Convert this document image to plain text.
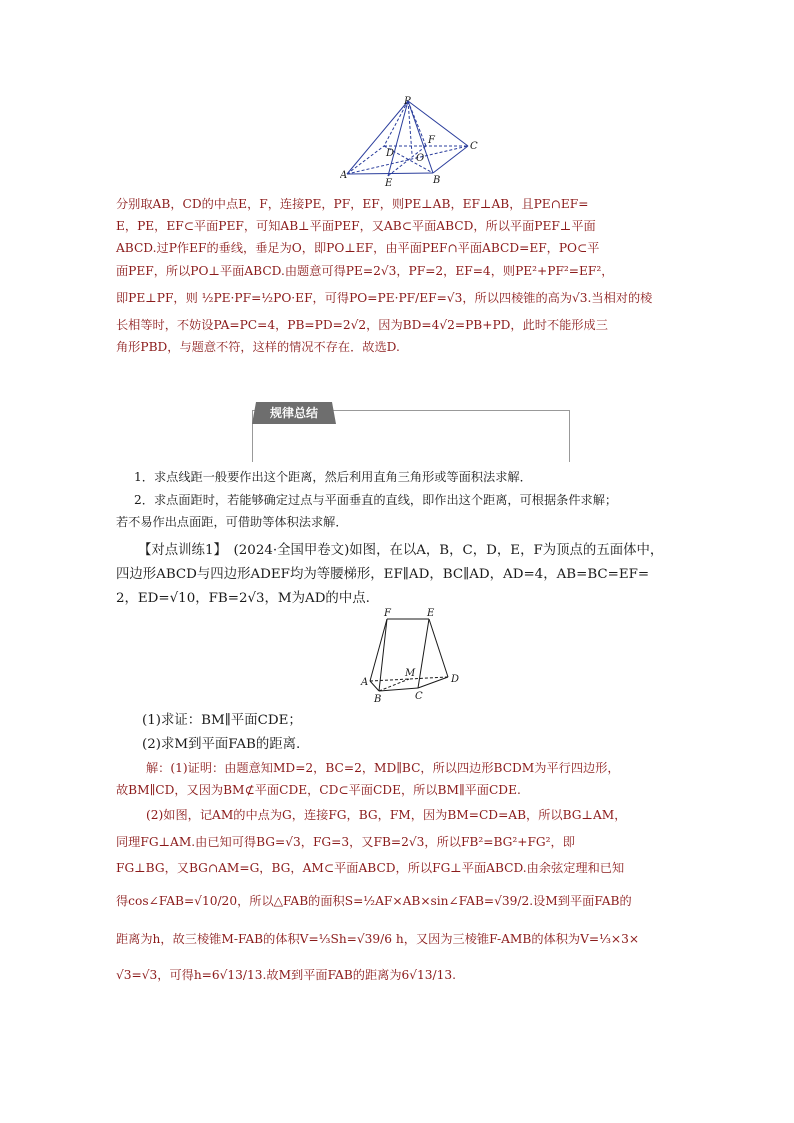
P
A	B
C
D
E
F
O
分别取AB，CD的中点E，F，连接PE，PF，EF，则PE⊥AB，EF⊥AB，且PE∩EF=
E，PE，EF⊂平面PEF，可知AB⊥平面PEF，又AB⊂平面ABCD，所以平面PEF⊥平面
ABCD.过P作EF的垂线，垂足为O，即PO⊥EF，由平面PEF∩平面ABCD=EF，PO⊂平
面PEF，所以PO⊥平面ABCD.由题意可得PE=2√3，PF=2，EF=4，则PE²+PF²=EF²，
即PE⊥PF，则 ½PE·PF=½PO·EF，可得PO=PE·PF/EF=√3，所以四棱锥的高为√3.当相对的棱
长相等时，不妨设PA=PC=4，PB=PD=2√2，因为BD=4√2=PB+PD，此时不能形成三
角形PBD，与题意不符，这样的情况不存在．故选D.
规律总结
1．求点线距一般要作出这个距离，然后利用直角三角形或等面积法求解．
2．求点面距时，若能够确定过点与平面垂直的直线，即作出这个距离，可根据条件求解；
若不易作出点面距，可借助等体积法求解．
【对点训练1】　(2024·全国甲卷文)如图，在以A，B，C，D，E，F为顶点的五面体中，
四边形ABCD与四边形ADEF均为等腰梯形，EF∥AD，BC∥AD，AD=4，AB=BC=EF=
2，ED=√10，FB=2√3，M为AD的中点.
F	E
A
M
D
B	C
(1)求证：BM∥平面CDE；
(2)求M到平面FAB的距离.
解：(1)证明：由题意知MD=2，BC=2，MD∥BC，所以四边形BCDM为平行四边形，
故BM∥CD，又因为BM⊄平面CDE，CD⊂平面CDE，所以BM∥平面CDE.
(2)如图，记AM的中点为G，连接FG，BG，FM，因为BM=CD=AB，所以BG⊥AM，
同理FG⊥AM.由已知可得BG=√3，FG=3，又FB=2√3，所以FB²=BG²+FG²，即
FG⊥BG，又BG∩AM=G，BG，AM⊂平面ABCD，所以FG⊥平面ABCD.由余弦定理和已知
得cos∠FAB=√10/20，所以△FAB的面积S=½AF×AB×sin∠FAB=√39/2.设M到平面FAB的
距离为h，故三棱锥M-FAB的体积V=⅓Sh=√39/6 h，又因为三棱锥F-AMB的体积为V=⅓×3×
√3=√3，可得h=6√13/13.故M到平面FAB的距离为6√13/13.
